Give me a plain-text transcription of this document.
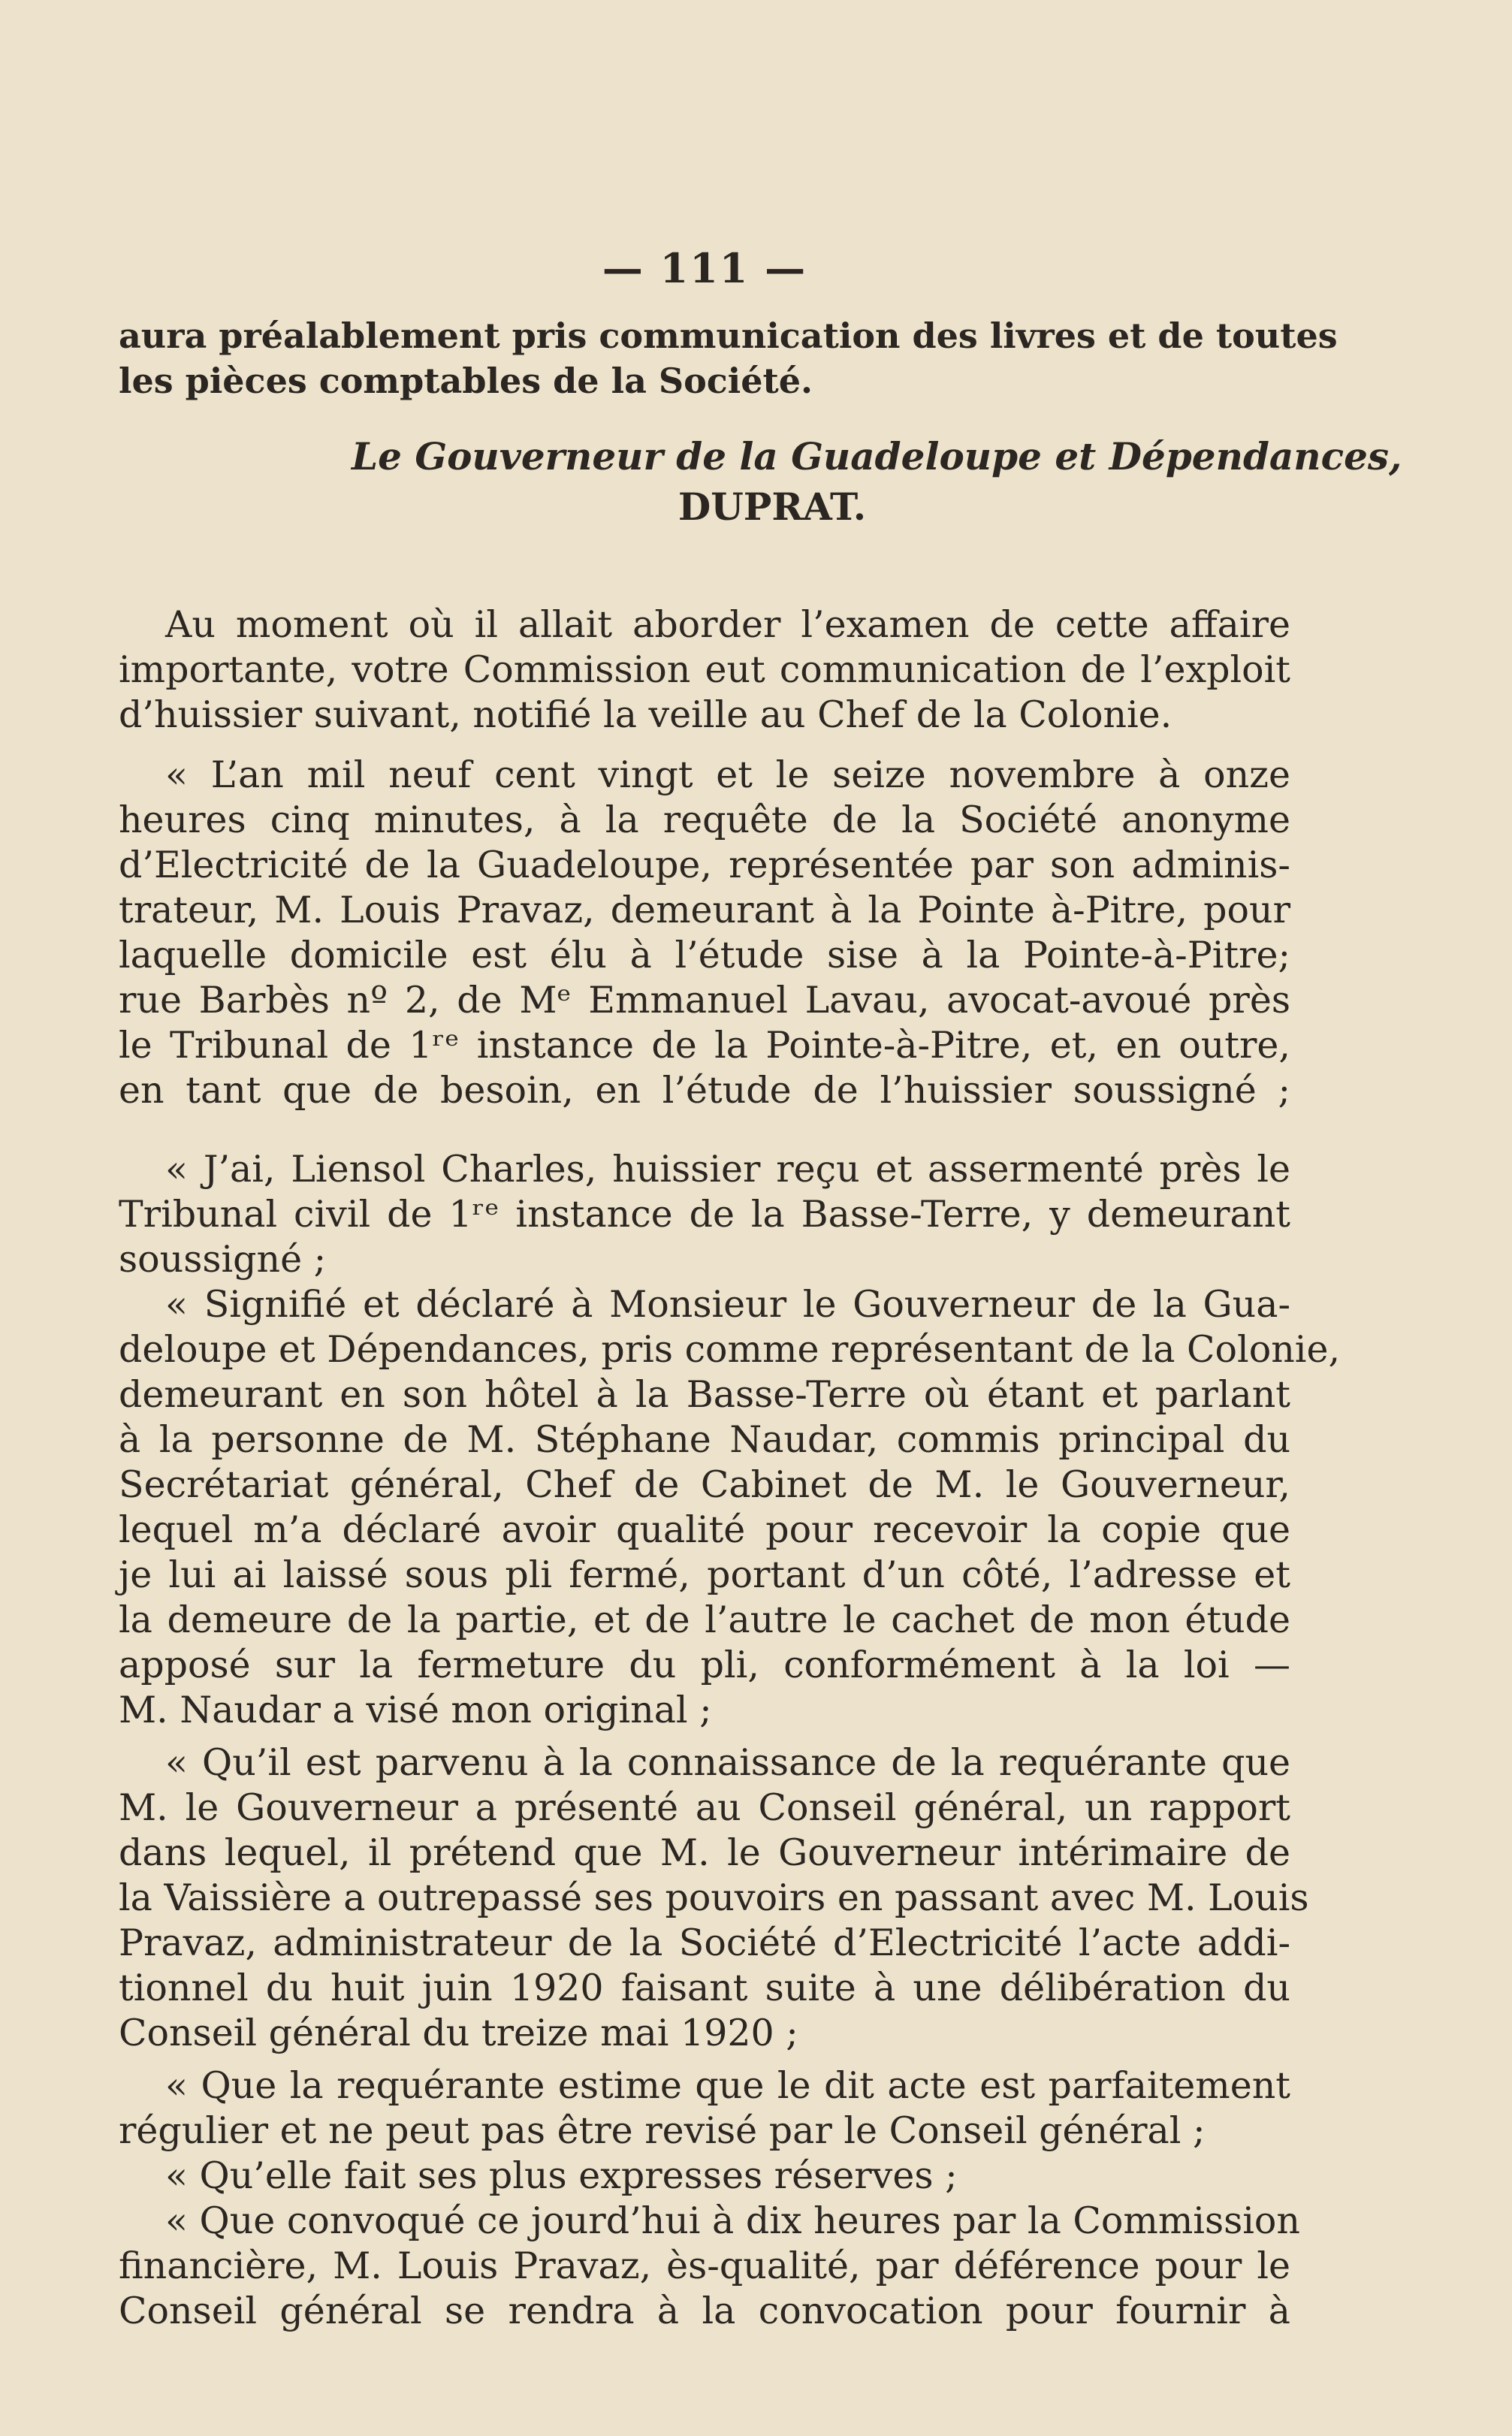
— 111 —
aura préalablement pris communication des livres et de toutes
les pièces comptables de la Société.
Le Gouverneur de la Guadeloupe et Dépendances,
DUPRAT.
Au moment où il allait aborder l’examen de cette affaire
importante, votre Commission eut communication de l’exploit
d’huissier suivant, notifié la veille au Chef de la Colonie.
« L’an mil neuf cent vingt et le seize novembre à onze
heures cinq minutes, à la requête de la Société anonyme
d’Electricité de la Guadeloupe, représentée par son adminis-
trateur, M. Louis Pravaz, demeurant à la Pointe à-Pitre, pour
laquelle domicile est élu à l’étude sise à la Pointe-à-Pitre;
rue Barbès nº 2, de Mᵉ Emmanuel Lavau, avocat-avoué près
le Tribunal de 1ʳᵉ instance de la Pointe-à-Pitre, et, en outre,
en tant que de besoin, en l’étude de l’huissier soussigné ;
« J’ai, Liensol Charles, huissier reçu et assermenté près le
Tribunal civil de 1ʳᵉ instance de la Basse-Terre, y demeurant
soussigné ;
« Signifié et déclaré à Monsieur le Gouverneur de la Gua-
deloupe et Dépendances, pris comme représentant de la Colonie,
demeurant en son hôtel à la Basse-Terre où étant et parlant
à la personne de M. Stéphane Naudar, commis principal du
Secrétariat général, Chef de Cabinet de M. le Gouverneur,
lequel m’a déclaré avoir qualité pour recevoir la copie que
je lui ai laissé sous pli fermé, portant d’un côté, l’adresse et
la demeure de la partie, et de l’autre le cachet de mon étude
apposé sur la fermeture du pli, conformément à la loi —
M. Naudar a visé mon original ;
« Qu’il est parvenu à la connaissance de la requérante que
M. le Gouverneur a présenté au Conseil général, un rapport
dans lequel, il prétend que M. le Gouverneur intérimaire de
la Vaissière a outrepassé ses pouvoirs en passant avec M. Louis
Pravaz, administrateur de la Société d’Electricité l’acte addi-
tionnel du huit juin 1920 faisant suite à une délibération du
Conseil général du treize mai 1920 ;
« Que la requérante estime que le dit acte est parfaitement
régulier et ne peut pas être revisé par le Conseil général ;
« Qu’elle fait ses plus expresses réserves ;
« Que convoqué ce jourd’hui à dix heures par la Commission
financière, M. Louis Pravaz, ès-qualité, par déférence pour le
Conseil général se rendra à la convocation pour fournir à
